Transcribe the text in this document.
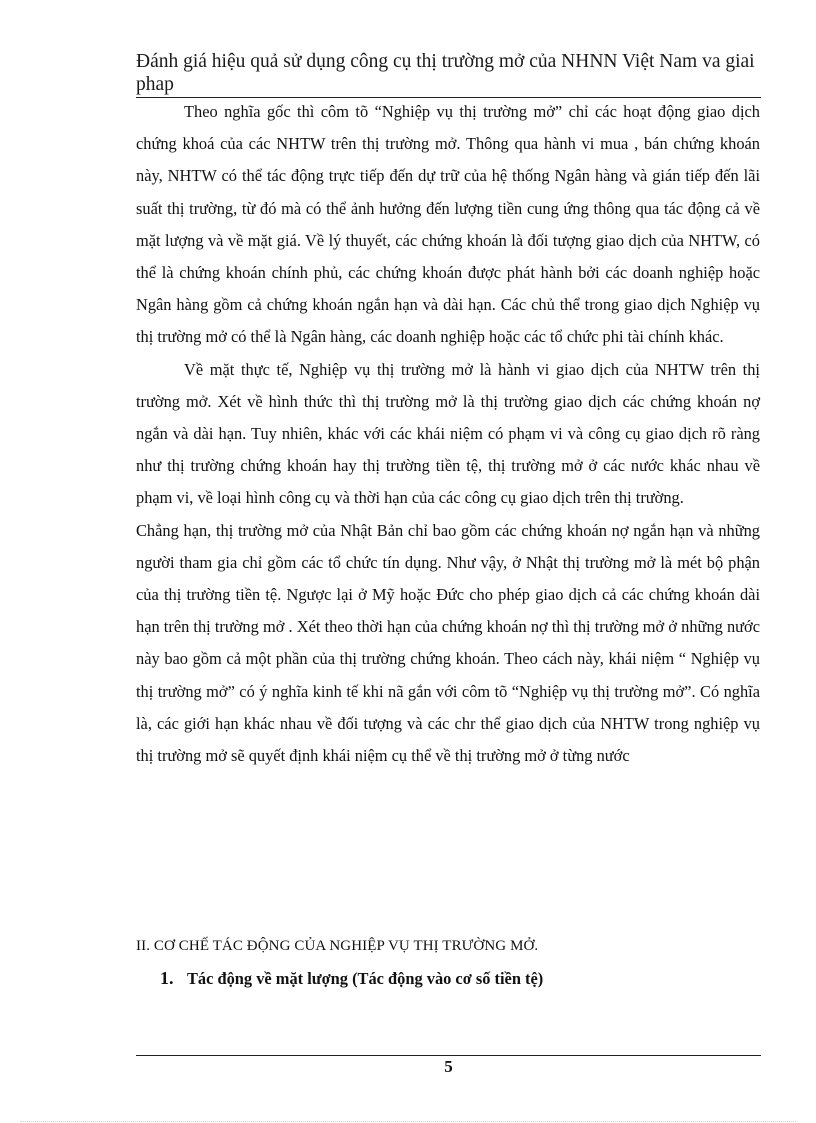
Đánh giá hiệu quả sử dụng công cụ thị trường mở của NHNN Việt Nam va giai phap

Theo nghĩa gốc thì côm tõ “Nghiệp vụ thị trường mở” chỉ các hoạt động giao dịch chứng khoá của các NHTW trên thị trường mở. Thông qua hành vi mua , bán chứng khoán này, NHTW có thể tác động trực tiếp đến dự trữ của hệ thống Ngân hàng và gián tiếp đến lãi suất thị trường, từ đó mà có thể ảnh hưởng đến lượng tiền cung ứng thông qua tác động cả về mặt lượng và về mặt giá. Về lý thuyết, các chứng khoán là đối tượng giao dịch của NHTW, có thể là chứng khoán chính phủ, các chứng khoán được phát hành bởi các doanh nghiệp hoặc Ngân hàng gồm cả chứng khoán ngắn hạn và dài hạn. Các chủ thể trong giao dịch Nghiệp vụ thị trường mở có thể là Ngân hàng, các doanh nghiệp hoặc các tổ chức phi tài chính khác.

Về mặt thực tế, Nghiệp vụ thị trường mở là hành vi giao dịch của NHTW trên thị trường mở. Xét về hình thức thì thị trường mở là thị trường giao dịch các chứng khoán nợ ngắn và dài hạn. Tuy nhiên, khác với các khái niệm có phạm vi và công cụ giao dịch rõ ràng như thị trường chứng khoán hay thị trường tiền tệ, thị trường mở ở các nước khác nhau về phạm vi, về loại hình công cụ và thời hạn của các công cụ giao dịch trên thị trường.

Chẳng hạn, thị trường mở của Nhật Bản chỉ bao gồm các chứng khoán nợ ngắn hạn và những người tham gia chỉ gồm các tổ chức tín dụng. Như vậy, ở Nhật thị trường mở là mét bộ phận của thị trường tiền tệ. Ngược lại ở Mỹ hoặc Đức cho phép giao dịch cả các chứng khoán dài hạn trên thị trường mở . Xét theo thời hạn của chứng khoán nợ thì thị trường mở ở những nước này bao gồm cả một phần của thị trường chứng khoán. Theo cách này, khái niệm “ Nghiệp vụ thị trường mở” có ý nghĩa kinh tế khi nã gắn với côm tõ “Nghiệp vụ thị trường mở”. Có nghĩa là, các giới hạn khác nhau về đối tượng và các chr thể giao dịch của NHTW trong nghiệp vụ thị trường mở sẽ quyết định khái niệm cụ thể về thị trường mở ở từng nước

II. CƠ CHẾ TÁC ĐỘNG CỦA NGHIỆP VỤ THỊ TRƯỜNG MỞ.
1. Tác động về mặt lượng (Tác động vào cơ số tiền tệ)
5
